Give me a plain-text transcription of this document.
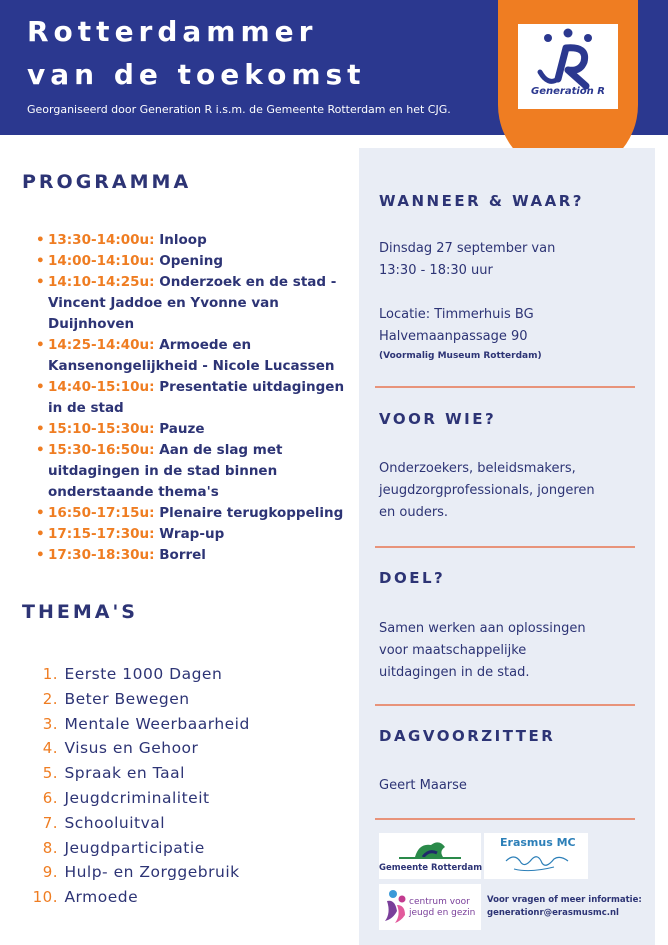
Rotterdammer
van de toekomst
Georganiseerd door Generation R i.s.m. de Gemeente Rotterdam en het CJG.
Generation R
PROGRAMMA
• 13:30-14:00u: Inloop
• 14:00-14:10u: Opening
• 14:10-14:25u: Onderzoek en de stad - Vincent Jaddoe en Yvonne van Duijnhoven
• 14:25-14:40u: Armoede en Kansenongelijkheid - Nicole Lucassen
• 14:40-15:10u: Presentatie uitdagingen in de stad
• 15:10-15:30u: Pauze
• 15:30-16:50u: Aan de slag met uitdagingen in de stad binnen onderstaande thema's
• 16:50-17:15u: Plenaire terugkoppeling
• 17:15-17:30u: Wrap-up
• 17:30-18:30u: Borrel
THEMA'S
1. Eerste 1000 Dagen
2. Beter Bewegen
3. Mentale Weerbaarheid
4. Visus en Gehoor
5. Spraak en Taal
6. Jeugdcriminaliteit
7. Schooluitval
8. Jeugdparticipatie
9. Hulp- en Zorggebruik
10. Armoede
WANNEER & WAAR?

Dinsdag 27 september van
13:30 - 18:30 uur

Locatie: Timmerhuis BG
Halvemaanpassage 90

(Voormalig Museum Rotterdam)

VOOR WIE?

Onderzoekers, beleidsmakers,
jeugdzorgprofessionals, jongeren
en ouders.

DOEL?

Samen werken aan oplossingen
voor maatschappelijke
uitdagingen in de stad.

DAGVOORZITTER

Geert Maarse

Gemeente Rotterdam
Erasmus MC
centrum voor
jeugd en gezin
Voor vragen of meer informatie:
generationr@erasmusmc.nl
